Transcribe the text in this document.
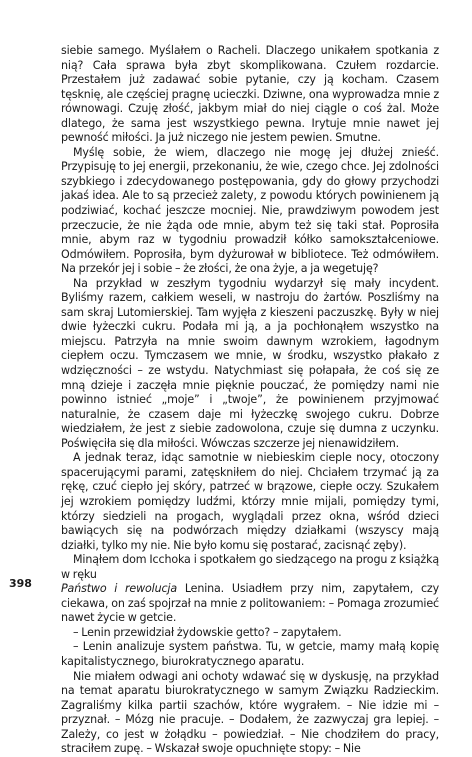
siebie samego. Myślałem o Racheli. Dlaczego unikałem spotkania z nią? Cała sprawa była zbyt skomplikowana. Czułem rozdarcie. Przestałem już zadawać sobie pytanie, czy ją kocham. Czasem tęsknię, ale częściej pragnę ucieczki. Dziwne, ona wyprowadza mnie z równowagi. Czuję złość, jakbym miał do niej ciągle o coś żal. Może dlatego, że sama jest wszystkiego pewna. Irytuje mnie nawet jej pewność miłości. Ja już niczego nie jestem pewien. Smutne.

Myślę sobie, że wiem, dlaczego nie mogę jej dłużej znieść. Przypisuję to jej energii, przekonaniu, że wie, czego chce. Jej zdolności szybkiego i zdecydowanego postępowania, gdy do głowy przychodzi jakaś idea. Ale to są przecież zalety, z powodu których powinienem ją podziwiać, kochać jeszcze mocniej. Nie, prawdziwym powodem jest przeczucie, że nie żąda ode mnie, abym też się taki stał. Poprosiła mnie, abym raz w tygodniu prowadził kółko samokształceniowe. Odmówiłem. Poprosiła, bym dyżurował w bibliotece. Też odmówiłem. Na przekór jej i sobie – że złości, że ona żyje, a ja wegetuję?

Na przykład w zeszłym tygodniu wydarzył się mały incydent. Byliśmy razem, całkiem weseli, w nastroju do żartów. Poszliśmy na sam skraj Lutomierskiej. Tam wyjęła z kieszeni paczuszkę. Były w niej dwie łyżeczki cukru. Podała mi ją, a ja pochłonąłem wszystko na miejscu. Patrzyła na mnie swoim dawnym wzrokiem, łagodnym ciepłem oczu. Tymczasem we mnie, w środku, wszystko płakało z wdzięczności – ze wstydu. Natychmiast się połapała, że coś się ze mną dzieje i zaczęła mnie pięknie pouczać, że pomiędzy nami nie powinno istnieć „moje” i „twoje”, że powinienem przyjmować naturalnie, że czasem daje mi łyżeczkę swojego cukru. Dobrze wiedziałem, że jest z siebie zadowolona, czuje się dumna z uczynku. Poświęciła się dla miłości. Wówczas szczerze jej nienawidziłem.

A jednak teraz, idąc samotnie w niebieskim cieple nocy, otoczony spacerującymi parami, zatęskniłem do niej. Chciałem trzymać ją za rękę, czuć ciepło jej skóry, patrzeć w brązowe, ciepłe oczy. Szukałem jej wzrokiem pomiędzy ludźmi, którzy mnie mijali, pomiędzy tymi, którzy siedzieli na progach, wyglądali przez okna, wśród dzieci bawiących się na podwórzach między działkami (wszyscy mają działki, tylko my nie. Nie było komu się postarać, zacisnąć zęby).

Minąłem dom Icchoka i spotkałem go siedzącego na progu z książką w ręku
Państwo i rewolucja Lenina. Usiadłem przy nim, zapytałem, czy ciekawa, on zaś spojrzał na mnie z politowaniem: – Pomaga zrozumieć nawet życie w getcie.

– Lenin przewidział żydowskie getto? – zapytałem.

– Lenin analizuje system państwa. Tu, w getcie, mamy małą kopię kapitalistycznego, biurokratycznego aparatu.

Nie miałem odwagi ani ochoty wdawać się w dyskusję, na przykład na temat aparatu biurokratycznego w samym Związku Radzieckim. Zagraliśmy kilka partii szachów, które wygrałem. – Nie idzie mi – przyznał. – Mózg nie pracuje. – Dodałem, że zazwyczaj gra lepiej. – Zależy, co jest w żołądku – powiedział. – Nie chodziłem do pracy, straciłem zupę. – Wskazał swoje opuchnięte stopy: – Nie

398
